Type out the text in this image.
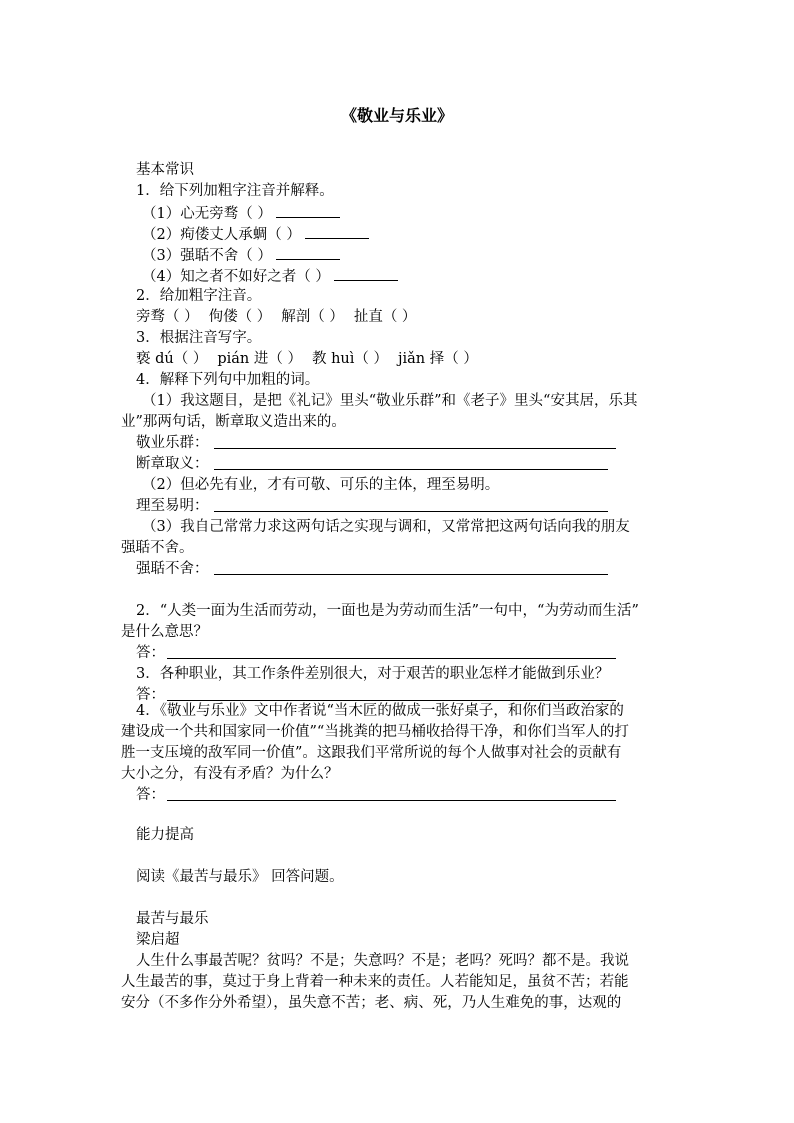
《敬业与乐业》
基本常识
1．给下列加粗字注音并解释。
（1）心无旁骛（ ）
（2）痀偻丈人承蜩（ ）
（3）强聒不舍（ ）
（4）知之者不如好之者（ ）
2．给加粗字注音。
旁骛（ ） 佝偻（ ） 解剖（ ） 扯直（ ）
3．根据注音写字。
亵 dú（ ） pián 进（ ） 教 huì（ ） jiǎn 择（ ）
4．解释下列句中加粗的词。
（1）我这题目，是把《礼记》里头“敬业乐群”和《老子》里头“安其居，乐其
业”那两句话，断章取义造出来的。
敬业乐群：
断章取义：
（2）但必先有业，才有可敬、可乐的主体，理至易明。
理至易明：
（3）我自己常常力求这两句话之实现与调和，又常常把这两句话向我的朋友
强聒不舍。
强聒不舍：
2．“人类一面为生活而劳动，一面也是为劳动而生活”一句中，“为劳动而生活”
是什么意思？
答：
3．各种职业，其工作条件差别很大，对于艰苦的职业怎样才能做到乐业？
答：
4．《敬业与乐业》文中作者说“当木匠的做成一张好桌子，和你们当政治家的
建设成一个共和国家同一价值”“当挑粪的把马桶收拾得干净，和你们当军人的打
胜一支压境的敌军同一价值”。这跟我们平常所说的每个人做事对社会的贡献有
大小之分，有没有矛盾？为什么？
答：
能力提高
阅读《最苦与最乐》 回答问题。
最苦与最乐
梁启超
人生什么事最苦呢？贫吗？不是；失意吗？不是；老吗？死吗？都不是。我说
人生最苦的事，莫过于身上背着一种未来的责任。人若能知足，虽贫不苦；若能
安分（不多作分外希望），虽失意不苦；老、病、死，乃人生难免的事，达观的
